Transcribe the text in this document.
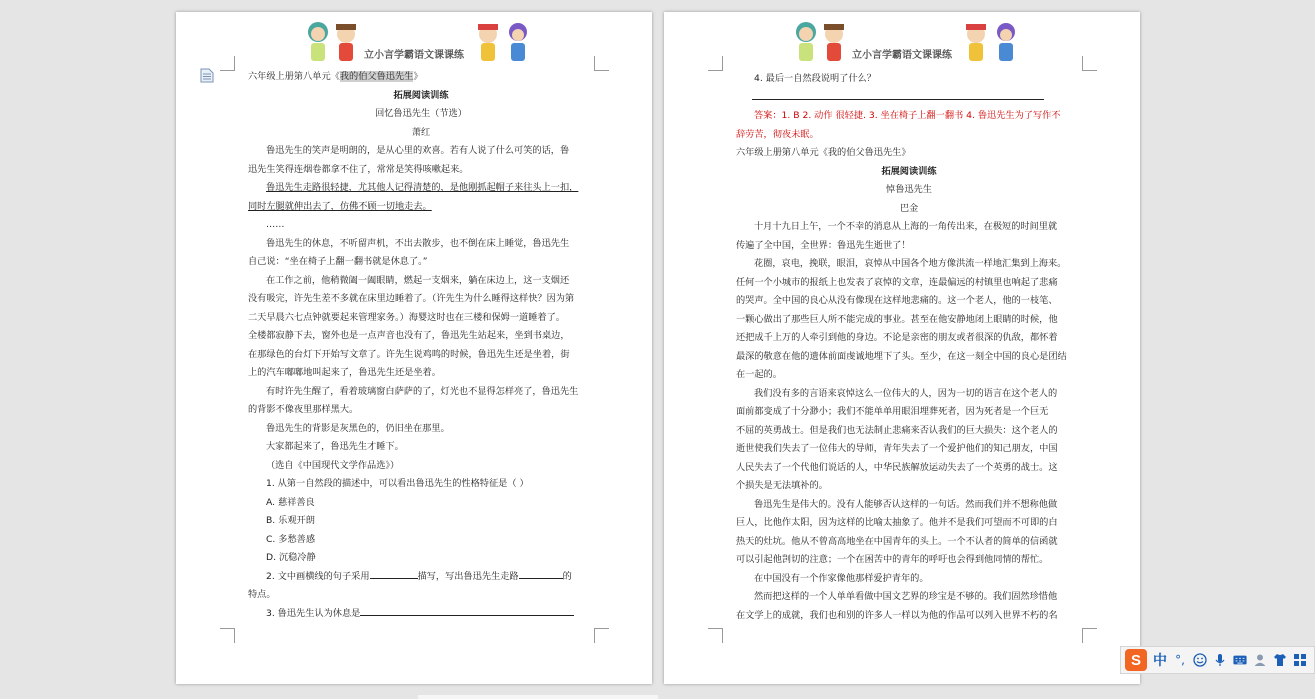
立小言学霸语文课课练

六年级上册第八单元《我的伯父鲁迅先生》

拓展阅读训练

回忆鲁迅先生（节选）

萧红

鲁迅先生的笑声是明朗的，是从心里的欢喜。若有人说了什么可笑的话，鲁

迅先生笑得连烟卷都拿不住了，常常是笑得咳嗽起来。

鲁迅先生走路很轻捷，尤其他人记得清楚的，是他刚抓起帽子来往头上一扣，

同时左腿就伸出去了，仿佛不顾一切地走去。

……

鲁迅先生的休息，不听留声机，不出去散步，也不倒在床上睡觉，鲁迅先生

自己说：“坐在椅子上翻一翻书就是休息了。”

在工作之前，他稍微阖一阖眼睛，燃起一支烟来，躺在床边上，这一支烟还

没有吸完，许先生差不多就在床里边睡着了。（许先生为什么睡得这样快？因为第

二天早晨六七点钟就要起来管理家务。）海婴这时也在三楼和保姆一道睡着了。

全楼都寂静下去，窗外也是一点声音也没有了，鲁迅先生站起来，坐到书桌边，

在那绿色的台灯下开始写文章了。许先生说鸡鸣的时候，鲁迅先生还是坐着，街

上的汽车嘟嘟地叫起来了，鲁迅先生还是坐着。

有时许先生醒了，看着玻璃窗白萨萨的了，灯光也不显得怎样亮了，鲁迅先生

的背影不像夜里那样黑大。

鲁迅先生的背影是灰黑色的，仍旧坐在那里。

大家都起来了，鲁迅先生才睡下。

（选自《中国现代文学作品选》）

1. 从第一自然段的描述中，可以看出鲁迅先生的性格特征是（ ）

A. 慈祥善良

B. 乐观开朗

C. 多愁善感

D. 沉稳冷静

2. 文中画横线的句子采用	描写，写出鲁迅先生走路	的

特点。

3. 鲁迅先生认为休息是

立小言学霸语文课课练

4. 最后一自然段说明了什么？

答案：1. B 2. 动作 很轻捷. 3. 坐在椅子上翻一翻书 4. 鲁迅先生为了写作不

辞劳苦，彻夜未眠。

六年级上册第八单元《我的伯父鲁迅先生》

拓展阅读训练

悼鲁迅先生

巴金

十月十九日上午，一个不幸的消息从上海的一角传出来，在极短的时间里就

传遍了全中国，全世界：鲁迅先生逝世了！

花圈，哀电，挽联，眼泪，哀悼从中国各个地方像洪流一样地汇集到上海来。

任何一个小城市的报纸上也发表了哀悼的文章，连最偏远的村镇里也响起了悲痛

的哭声。全中国的良心从没有像现在这样地悲痛的。这一个老人，他的一枝笔、

一颗心做出了那些巨人所不能完成的事业。甚至在他安静地闭上眼睛的时候，他

还把成千上万的人牵引到他的身边。不论是亲密的朋友或者很深的仇敌，都怀着

最深的敬意在他的遗体前面虔诚地埋下了头。至少，在这一刻全中国的良心是团结

在一起的。

我们没有多的言语来哀悼这么一位伟大的人，因为一切的语言在这个老人的

面前都变成了十分渺小；我们不能单单用眼泪埋葬死者，因为死者是一个巨无

不屈的英勇战士。但是我们也无法制止悲痛来否认我们的巨大损失：这个老人的

逝世使我们失去了一位伟大的导师，青年失去了一个爱护他们的知己朋友，中国

人民失去了一个代他们说话的人，中华民族解放运动失去了一个英勇的战士。这

个损失是无法填补的。

鲁迅先生是伟大的。没有人能够否认这样的一句话。然而我们并不想称他做

巨人，比他作太阳，因为这样的比喻太抽象了。他并不是我们可望而不可即的白

热天的灶坑。他从不曾高高地坐在中国青年的头上。一个不认者的简单的信函就

可以引起他剀切的注意；一个在困苦中的青年的呼吁也会得到他同情的帮忙。

在中国没有一个作家像他那样爱护青年的。

然而把这样的一个人单单看做中国文艺界的珍宝是不够的。我们固然珍惜他

在文学上的成就，我们也和别的许多人一样以为他的作品可以列入世界不朽的名

S 中 °,
